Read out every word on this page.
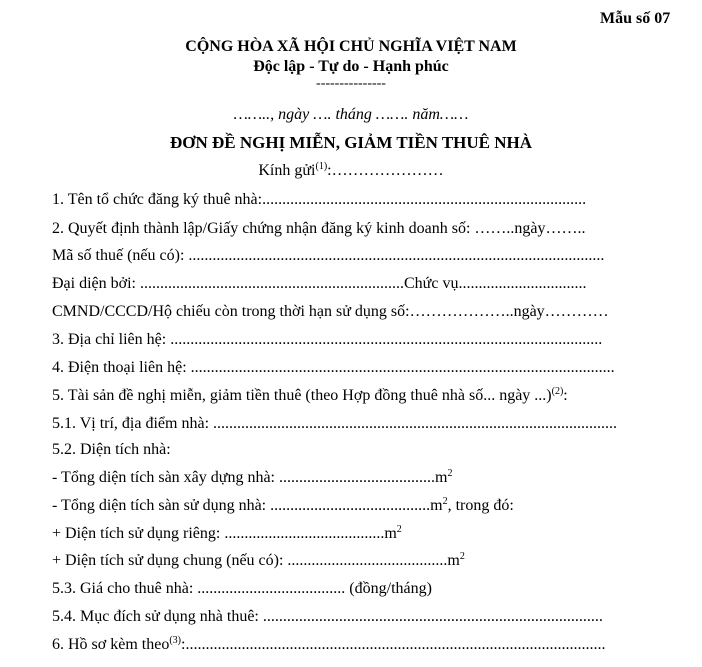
Mẫu số 07
CỘNG HÒA XÃ HỘI CHỦ NGHĨA VIỆT NAM
Độc lập - Tự do - Hạnh phúc
---------------
…….., ngày …. tháng ……. năm……
ĐƠN ĐỀ NGHỊ MIỄN, GIẢM TIỀN THUÊ NHÀ
Kính gửi$^{(1)}$:…………………
1. Tên tổ chức đăng ký thuê nhà:.................................................................................
2. Quyết định thành lập/Giấy chứng nhận đăng ký kinh doanh số: ……..ngày……..
Mã số thuế (nếu có): ........................................................................................................
Đại diện bởi: ..................................................................Chức vụ................................
CMND/CCCD/Hộ chiếu còn trong thời hạn sử dụng số:………………..ngày…………
3. Địa chỉ liên hệ: ............................................................................................................
4. Điện thoại liên hệ: ..........................................................................................................
5. Tài sản đề nghị miễn, giảm tiền thuê (theo Hợp đồng thuê nhà số... ngày ...)$^{(2)}$:
5.1. Vị trí, địa điểm nhà: .....................................................................................................
5.2. Diện tích nhà:
- Tổng diện tích sàn xây dựng nhà: $.......................................m^2$
- Tổng diện tích sàn sử dụng nhà: $........................................m^2$, trong đó:
+ Diện tích sử dụng riêng: $........................................m^2$
+ Diện tích sử dụng chung (nếu có): $........................................m^2$
5.3. Giá cho thuê nhà: ..................................... (đồng/tháng)
5.4. Mục đích sử dụng nhà thuê: .....................................................................................
6. Hồ sơ kèm theo$^{(3)}$:.........................................................................................................
